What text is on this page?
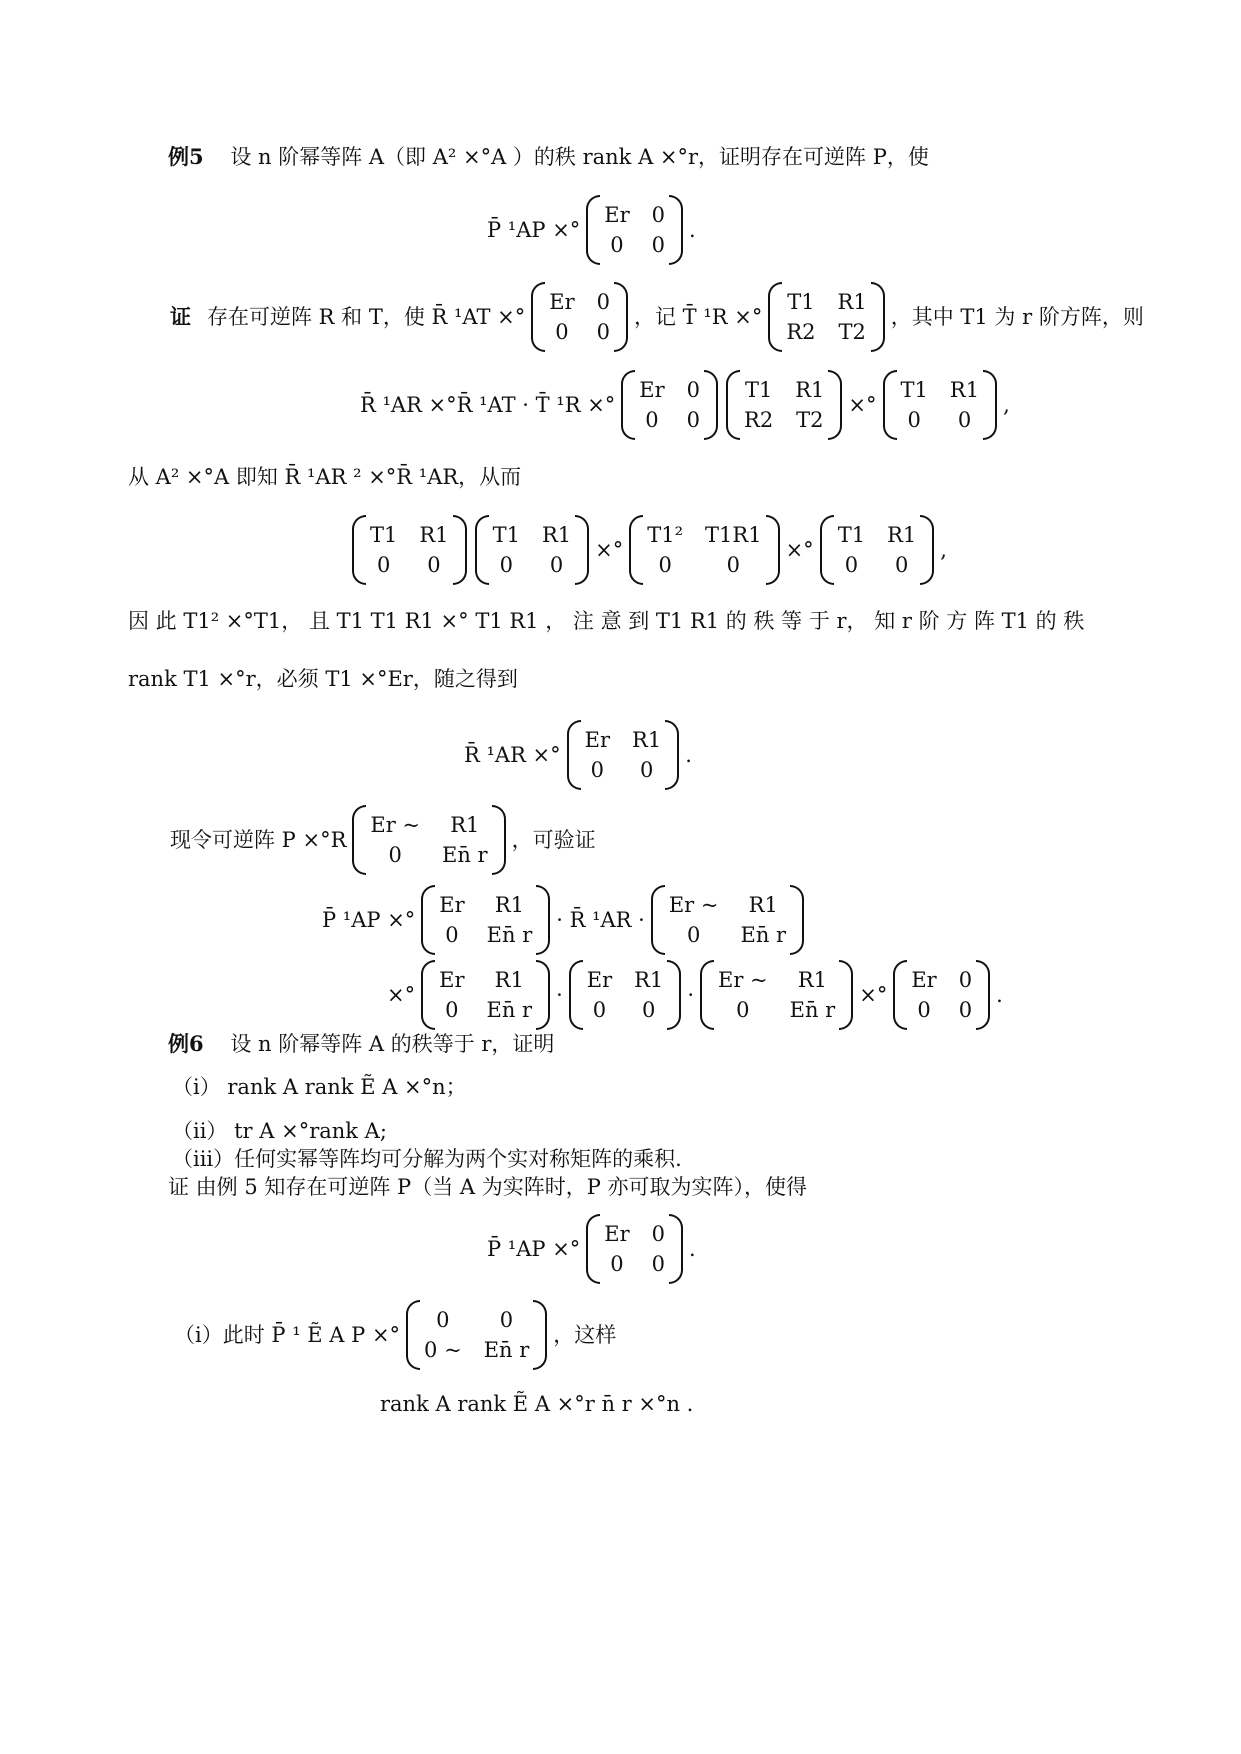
例5 设 n 阶幂等阵 A（即 A² ×°A ）的秩 rank A ×°r，证明存在可逆阵 P，使
P̄ ¹AP ×°
Er 0
0 0
.
证 存在可逆阵 R 和 T，使 R̄ ¹AT ×°
Er 0
0 0
，记 T̄ ¹R ×°
T1 R1
R2 T2
，其中 T1 为 r 阶方阵，则
R̄ ¹AR ×°R̄ ¹AT · T̄ ¹R ×°
Er 0
0 0
T1 R1
R2 T2
×°
T1 R1
0	0
,
从 A² ×°A 即知 R̄ ¹AR ² ×°R̄ ¹AR，从而
T1 R1
0	0
T1 R1
0	0
×°
T1² T1R1
0	0
×°
T1 R1
0	0
,
因 此 T1² ×°T1， 且 T1 T1 R1 ×° T1 R1 ， 注 意 到 T1 R1 的 秩 等 于 r， 知 r 阶 方 阵 T1 的 秩
rank T1 ×°r，必须 T1 ×°Er，随之得到
R̄ ¹AR ×°
Er R1
0	0
.
现令可逆阵 P ×°R
Er ~	R1
0	En̄ r
，可验证
P̄ ¹AP ×°
Er	R1
0 En̄ r
· R̄ ¹AR ·
Er ~	R1
0	En̄ r
×°
Er	R1
0 En̄ r
·
Er R1
0	0
·
Er ~	R1
0	En̄ r
×°
Er 0
0 0
.
例6 设 n 阶幂等阵 A 的秩等于 r，证明
（i） rank A rank Ẽ A ×°n；
（ii） tr A ×°rank A;
（iii）任何实幂等阵均可分解为两个实对称矩阵的乘积.
证 由例 5 知存在可逆阵 P（当 A 为实阵时，P 亦可取为实阵），使得
P̄ ¹AP ×°
Er 0
0 0
.
（i）此时 P̄ ¹ Ẽ A P ×°
0	0
0 ~ En̄ r
，这样
rank A rank Ẽ A ×°r n̄ r ×°n .
